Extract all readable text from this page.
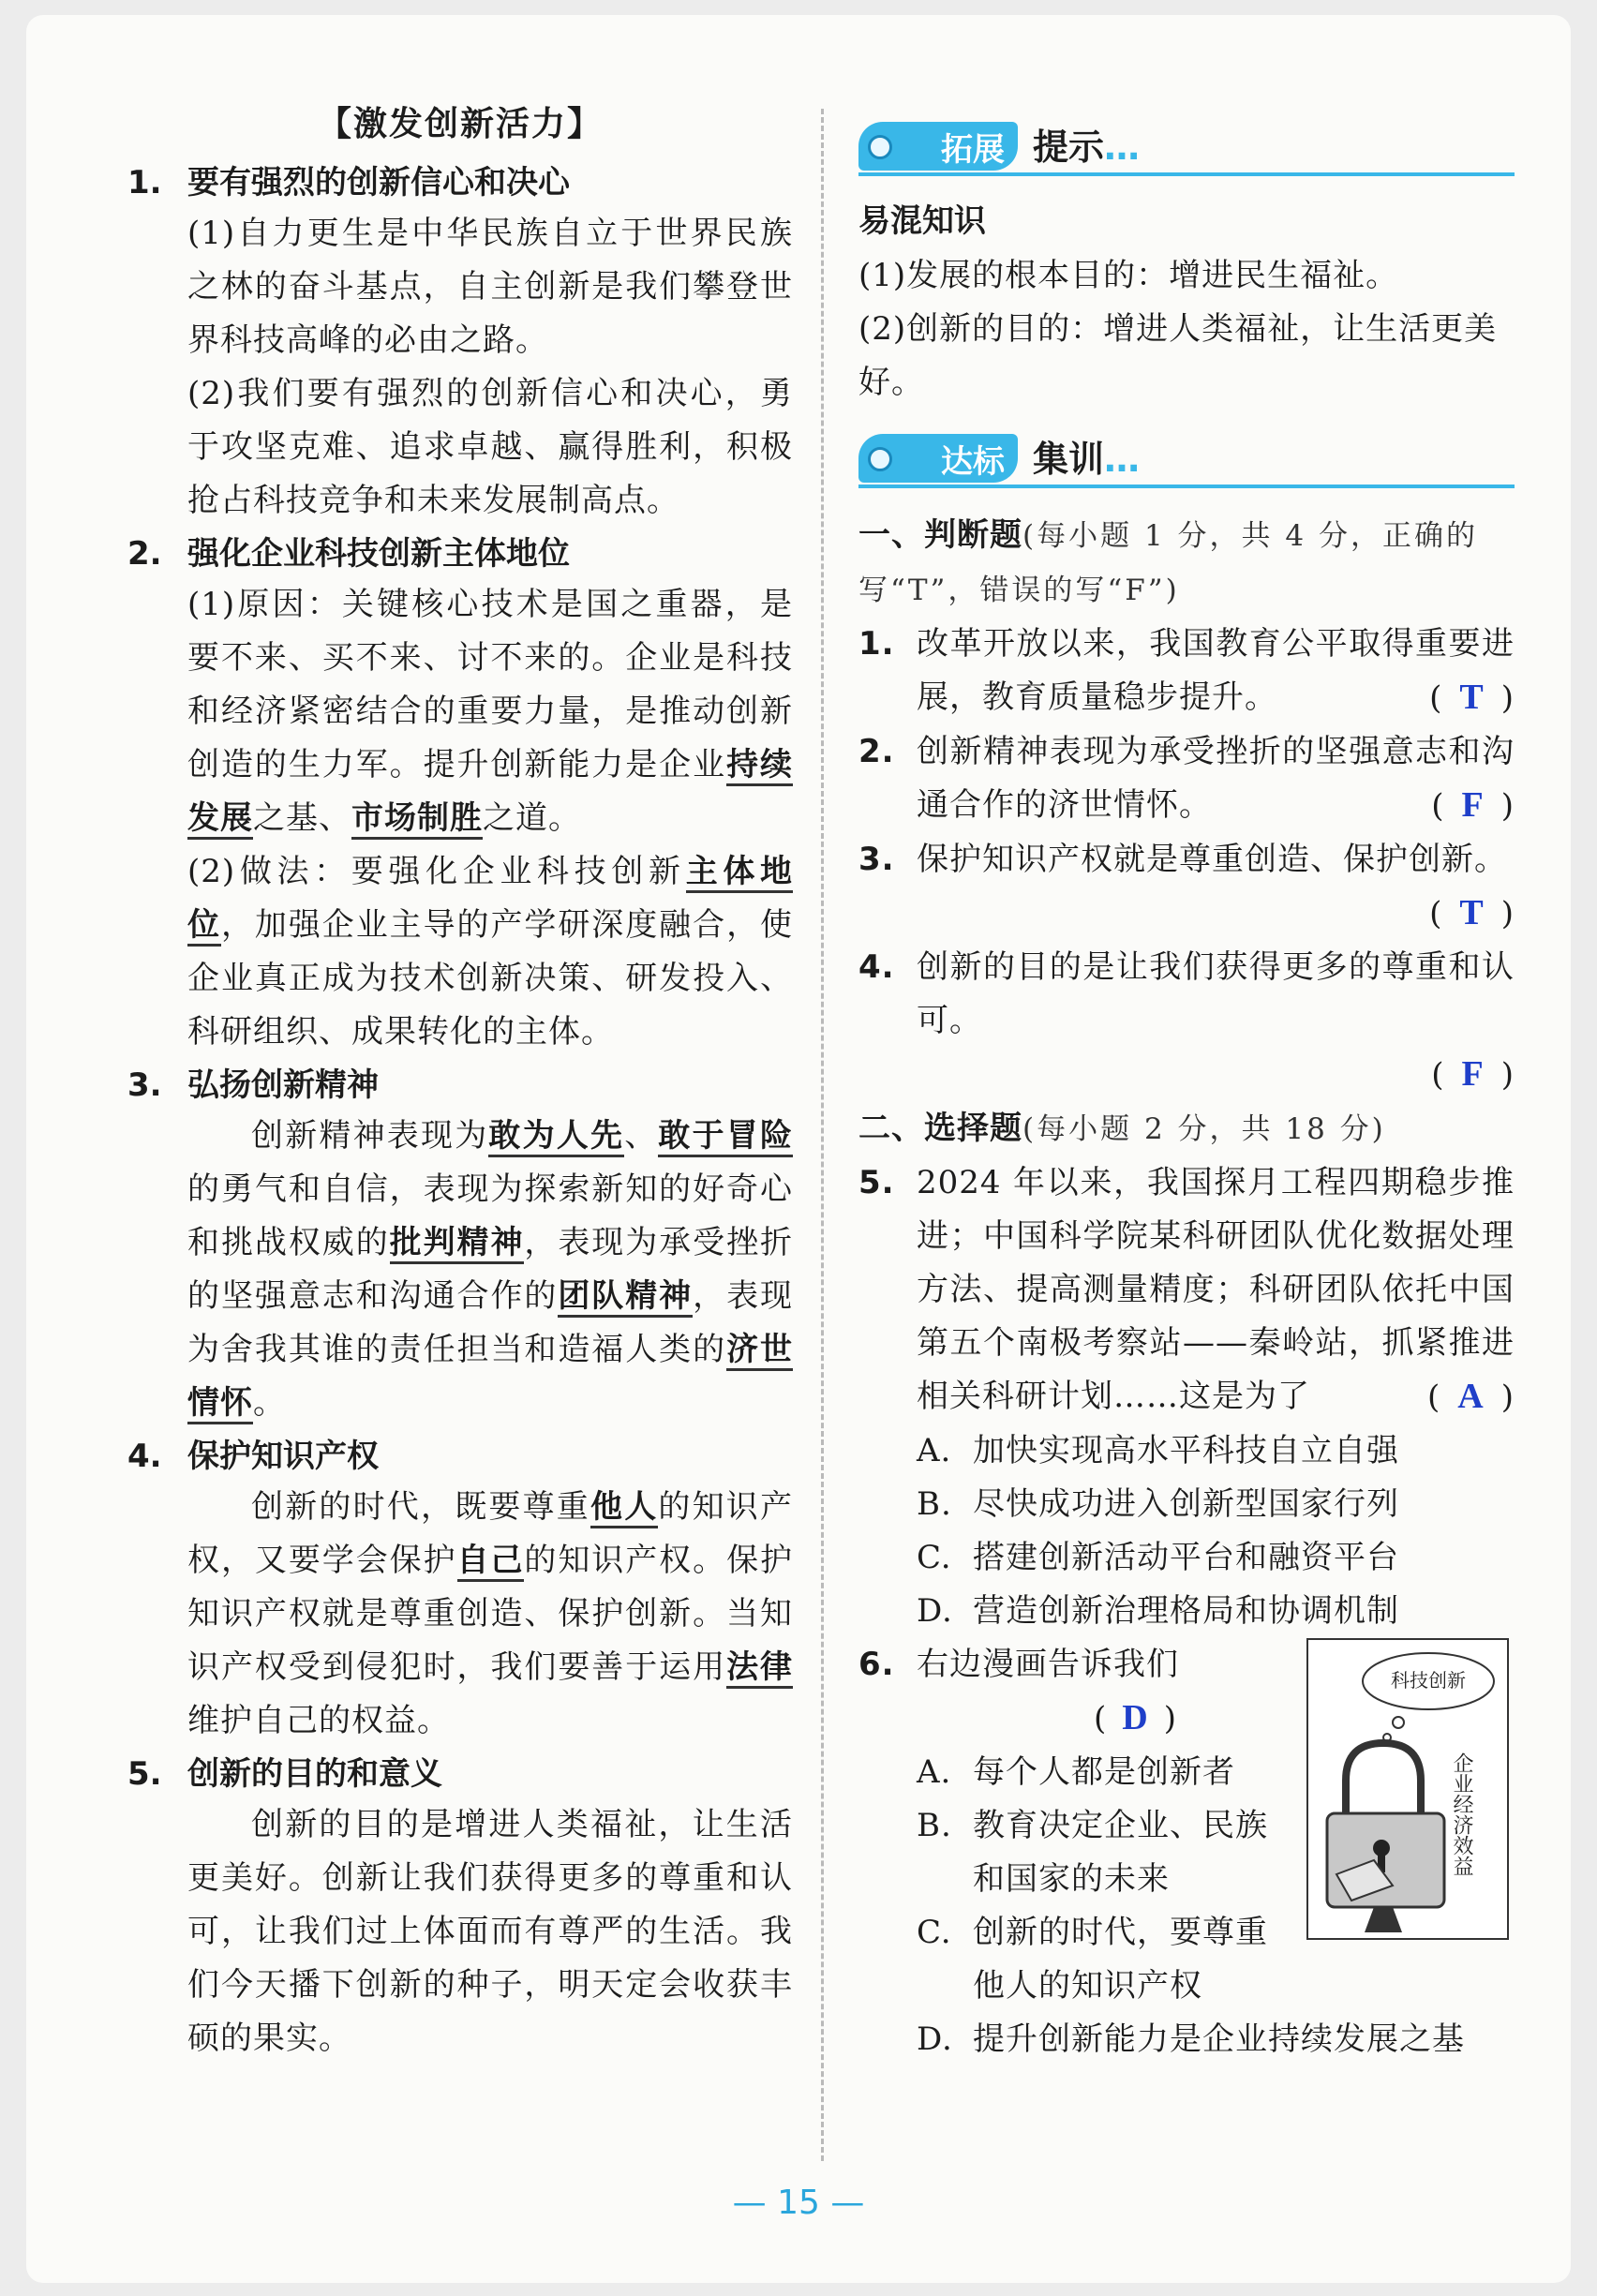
【激发创新活力】
1. 要有强烈的创新信心和决心

(1)自力更生是中华民族自立于世界民族之林的奋斗基点，自主创新是我们攀登世界科技高峰的必由之路。

(2)我们要有强烈的创新信心和决心，勇于攻坚克难、追求卓越、赢得胜利，积极抢占科技竞争和未来发展制高点。

2. 强化企业科技创新主体地位

(1)原因：关键核心技术是国之重器，是要不来、买不来、讨不来的。企业是科技和经济紧密结合的重要力量，是推动创新创造的生力军。提升创新能力是企业持续发展之基、市场制胜之道。

(2)做法：要强化企业科技创新主体地位，加强企业主导的产学研深度融合，使企业真正成为技术创新决策、研发投入、科研组织、成果转化的主体。

3. 弘扬创新精神

创新精神表现为敢为人先、敢于冒险的勇气和自信，表现为探索新知的好奇心和挑战权威的批判精神，表现为承受挫折的坚强意志和沟通合作的团队精神，表现为舍我其谁的责任担当和造福人类的济世情怀。

4. 保护知识产权

创新的时代，既要尊重他人的知识产权，又要学会保护自己的知识产权。保护知识产权就是尊重创造、保护创新。当知识产权受到侵犯时，我们要善于运用法律维护自己的权益。

5. 创新的目的和意义

创新的目的是增进人类福祉，让生活更美好。创新让我们获得更多的尊重和认可，让我们过上体面而有尊严的生活。我们今天播下创新的种子，明天定会收获丰硕的果实。

拓展 提示…
易混知识

(1)发展的根本目的：增进民生福祉。

(2)创新的目的：增进人类福祉，让生活更美好。

达标 集训…

一、判断题(每小题 1 分，共 4 分，正确的写“T”，错误的写“F”)

1. 改革开放以来，我国教育公平取得重要进展，教育质量稳步提升。	( T )
2. 创新精神表现为承受挫折的坚强意志和沟通合作的济世情怀。	( F )
3. 保护知识产权就是尊重创造、保护创新。
( T )
4. 创新的目的是让我们获得更多的尊重和认可。
( F )

二、选择题(每小题 2 分，共 18 分)

5. 2024 年以来，我国探月工程四期稳步推进；中国科学院某科研团队优化数据处理方法、提高测量精度；科研团队依托中国第五个南极考察站——秦岭站，抓紧推进相关科研计划……这是为了	( A )
A. 加快实现高水平科技自立自强
B. 尽快成功进入创新型国家行列
C. 搭建创新活动平台和融资平台
D. 营造创新治理格局和协调机制
6. 右边漫画告诉我们
( D )
A. 每个人都是创新者
B. 教育决定企业、民族和国家的未来
C. 创新的时代，要尊重他人的知识产权
D. 提升创新能力是企业持续发展之基
科技创新
企业经济效益
— 15 —
